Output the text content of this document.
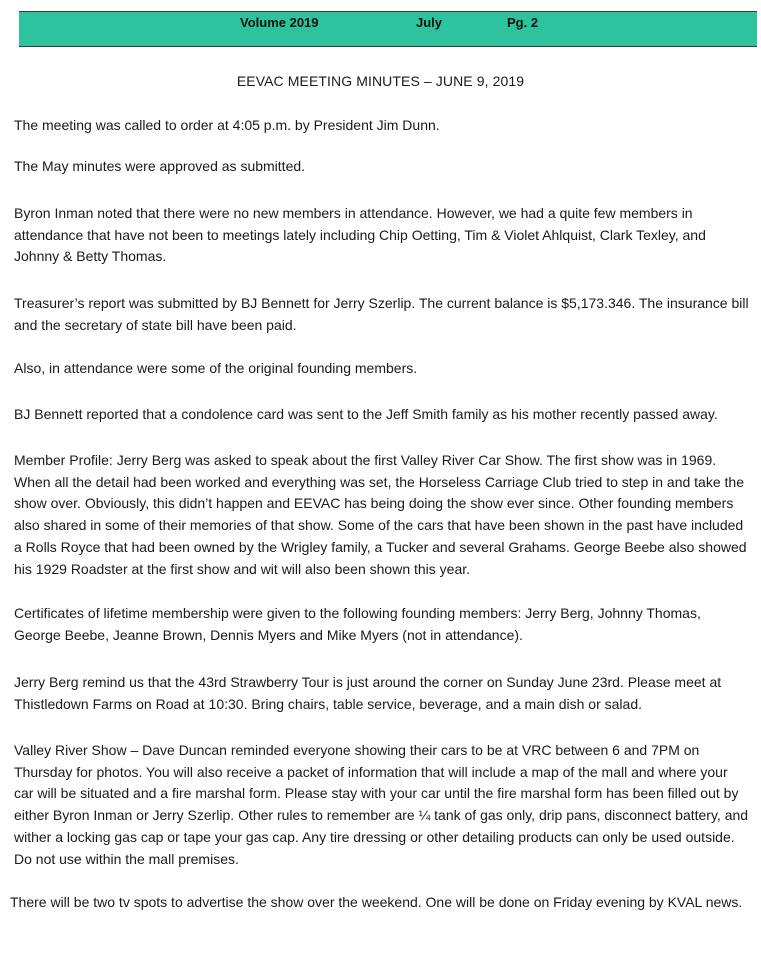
Volume 2019	July	Pg. 2
EEVAC MEETING MINUTES – JUNE 9, 2019
The meeting was called to order at 4:05 p.m. by President Jim Dunn.
The May minutes were approved as submitted.
Byron Inman noted that there were no new members in attendance. However, we had a quite few members in attendance that have not been to meetings lately including Chip Oetting, Tim & Violet Ahlquist, Clark Texley, and Johnny & Betty Thomas.
Treasurer’s report was submitted by BJ Bennett for Jerry Szerlip. The current balance is $5,173.346. The insurance bill and the secretary of state bill have been paid.
Also, in attendance were some of the original founding members.
BJ Bennett reported that a condolence card was sent to the Jeff Smith family as his mother recently passed away.
Member Profile: Jerry Berg was asked to speak about the first Valley River Car Show. The first show was in 1969. When all the detail had been worked and everything was set, the Horseless Carriage Club tried to step in and take the show over. Obviously, this didn’t happen and EEVAC has being doing the show ever since. Other founding members also shared in some of their memories of that show. Some of the cars that have been shown in the past have included a Rolls Royce that had been owned by the Wrigley family, a Tucker and several Grahams. George Beebe also showed his 1929 Roadster at the first show and wit will also been shown this year.
Certificates of lifetime membership were given to the following founding members: Jerry Berg, Johnny Thomas, George Beebe, Jeanne Brown, Dennis Myers and Mike Myers (not in attendance).
Jerry Berg remind us that the 43rd Strawberry Tour is just around the corner on Sunday June 23rd. Please meet at Thistledown Farms on Road at 10:30. Bring chairs, table service, beverage, and a main dish or salad.
Valley River Show – Dave Duncan reminded everyone showing their cars to be at VRC between 6 and 7PM on Thursday for photos. You will also receive a packet of information that will include a map of the mall and where your car will be situated and a fire marshal form. Please stay with your car until the fire marshal form has been filled out by either Byron Inman or Jerry Szerlip. Other rules to remember are ¼ tank of gas only, drip pans, disconnect battery, and wither a locking gas cap or tape your gas cap. Any tire dressing or other detailing products can only be used outside. Do not use within the mall premises.
There will be two tv spots to advertise the show over the weekend. One will be done on Friday evening by KVAL news.
